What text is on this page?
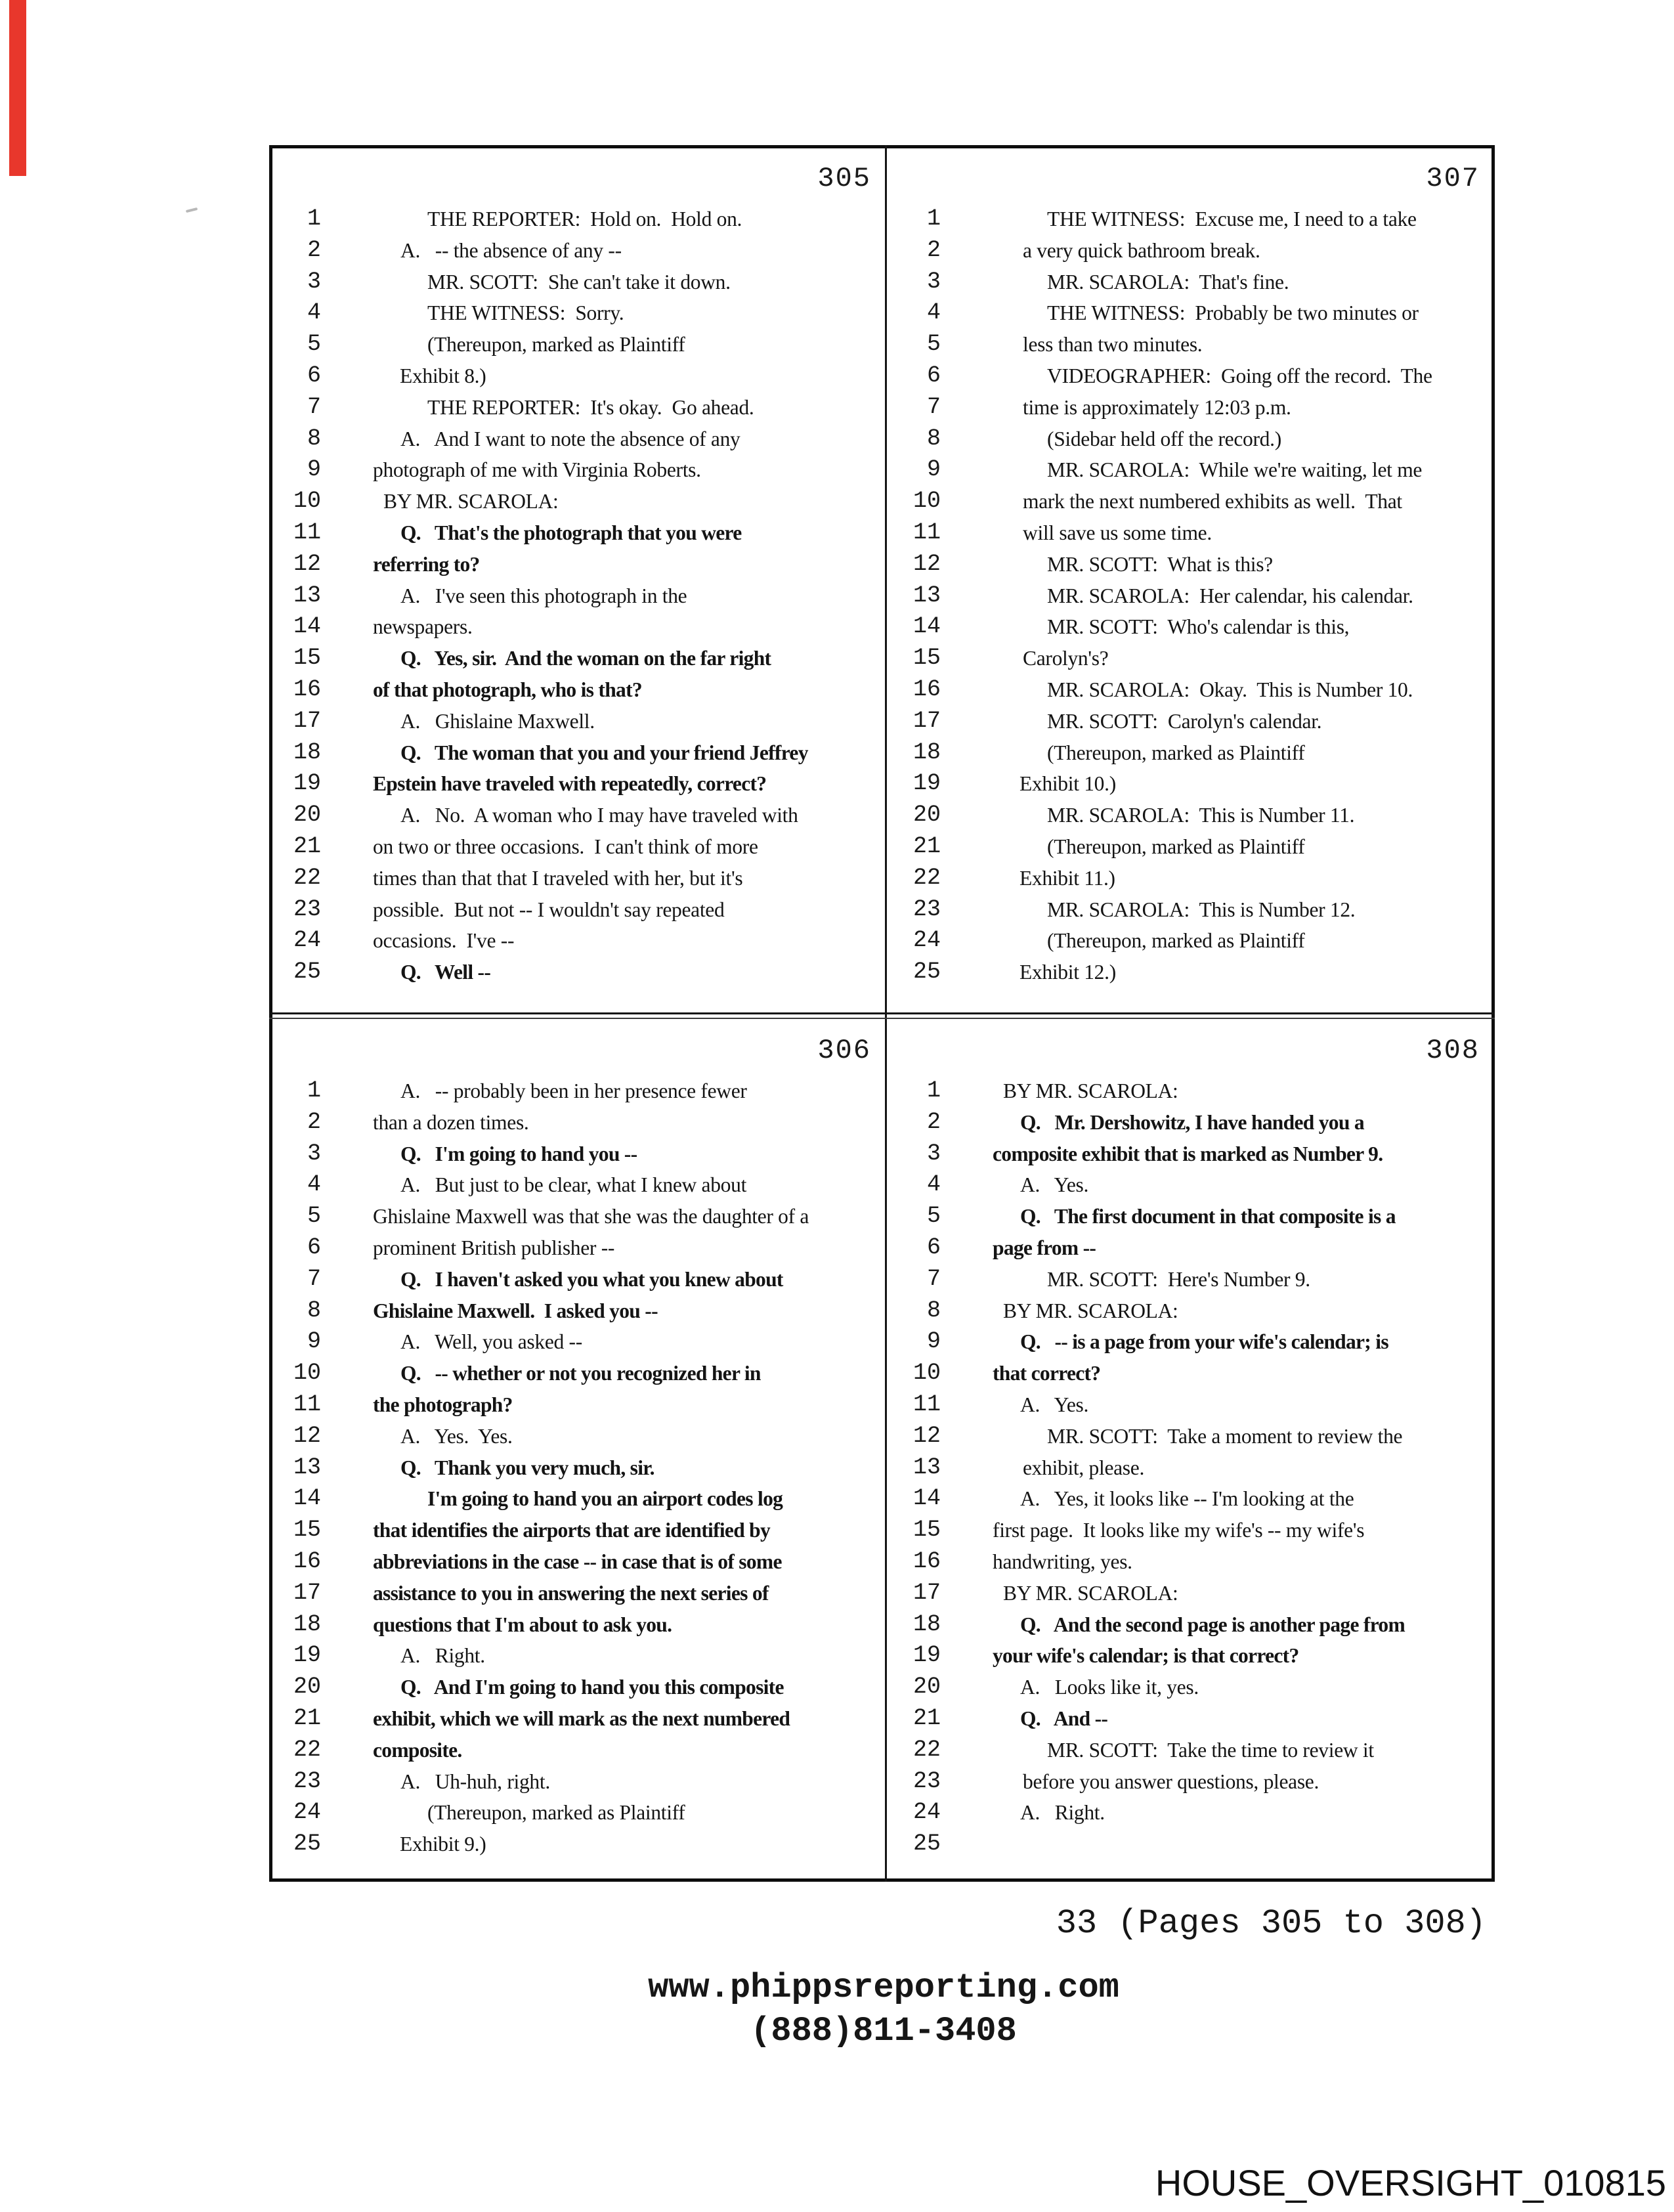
305
1	THE REPORTER:  Hold on.  Hold on.
2	A.   -- the absence of any --
3	MR. SCOTT:  She can't take it down.
4	THE WITNESS:  Sorry.
5	(Thereupon, marked as Plaintiff
6	Exhibit 8.)
7	THE REPORTER:  It's okay.  Go ahead.
8	A.   And I want to note the absence of any
9	photograph of me with Virginia Roberts.
10	BY MR. SCAROLA:
11	Q.   That's the photograph that you were
12	referring to?
13	A.   I've seen this photograph in the
14	newspapers.
15	Q.   Yes, sir.  And the woman on the far right
16	of that photograph, who is that?
17	A.   Ghislaine Maxwell.
18	Q.   The woman that you and your friend Jeffrey
19	Epstein have traveled with repeatedly, correct?
20	A.   No.  A woman who I may have traveled with
21	on two or three occasions.  I can't think of more
22	times than that that I traveled with her, but it's
23	possible.  But not -- I wouldn't say repeated
24	occasions.  I've --
25	Q.   Well --
307
1	THE WITNESS:  Excuse me, I need to a take
2	a very quick bathroom break.
3	MR. SCAROLA:  That's fine.
4	THE WITNESS:  Probably be two minutes or
5	less than two minutes.
6	VIDEOGRAPHER:  Going off the record.  The
7	time is approximately 12:03 p.m.
8	(Sidebar held off the record.)
9	MR. SCAROLA:  While we're waiting, let me
10	mark the next numbered exhibits as well.  That
11	will save us some time.
12	MR. SCOTT:  What is this?
13	MR. SCAROLA:  Her calendar, his calendar.
14	MR. SCOTT:  Who's calendar is this,
15	Carolyn's?
16	MR. SCAROLA:  Okay.  This is Number 10.
17	MR. SCOTT:  Carolyn's calendar.
18	(Thereupon, marked as Plaintiff
19	Exhibit 10.)
20	MR. SCAROLA:  This is Number 11.
21	(Thereupon, marked as Plaintiff
22	Exhibit 11.)
23	MR. SCAROLA:  This is Number 12.
24	(Thereupon, marked as Plaintiff
25	Exhibit 12.)
306
1	A.   -- probably been in her presence fewer
2	than a dozen times.
3	Q.   I'm going to hand you --
4	A.   But just to be clear, what I knew about
5	Ghislaine Maxwell was that she was the daughter of a
6	prominent British publisher --
7	Q.   I haven't asked you what you knew about
8	Ghislaine Maxwell.  I asked you --
9	A.   Well, you asked --
10	Q.   -- whether or not you recognized her in
11	the photograph?
12	A.   Yes.  Yes.
13	Q.   Thank you very much, sir.
14	I'm going to hand you an airport codes log
15	that identifies the airports that are identified by
16	abbreviations in the case -- in case that is of some
17	assistance to you in answering the next series of
18	questions that I'm about to ask you.
19	A.   Right.
20	Q.   And I'm going to hand you this composite
21	exhibit, which we will mark as the next numbered
22	composite.
23	A.   Uh-huh, right.
24	(Thereupon, marked as Plaintiff
25	Exhibit 9.)
308
1	BY MR. SCAROLA:
2	Q.   Mr. Dershowitz, I have handed you a
3	composite exhibit that is marked as Number 9.
4	A.   Yes.
5	Q.   The first document in that composite is a
6	page from --
7	MR. SCOTT:  Here's Number 9.
8	BY MR. SCAROLA:
9	Q.   -- is a page from your wife's calendar; is
10	that correct?
11	A.   Yes.
12	MR. SCOTT:  Take a moment to review the
13	exhibit, please.
14	A.   Yes, it looks like -- I'm looking at the
15	first page.  It looks like my wife's -- my wife's
16	handwriting, yes.
17	BY MR. SCAROLA:
18	Q.   And the second page is another page from
19	your wife's calendar; is that correct?
20	A.   Looks like it, yes.
21	Q.   And --
22	MR. SCOTT:  Take the time to review it
23	before you answer questions, please.
24	A.   Right.
25
33 (Pages 305 to 308)
www.phippsreporting.com
(888)811-3408
HOUSE_OVERSIGHT_010815
